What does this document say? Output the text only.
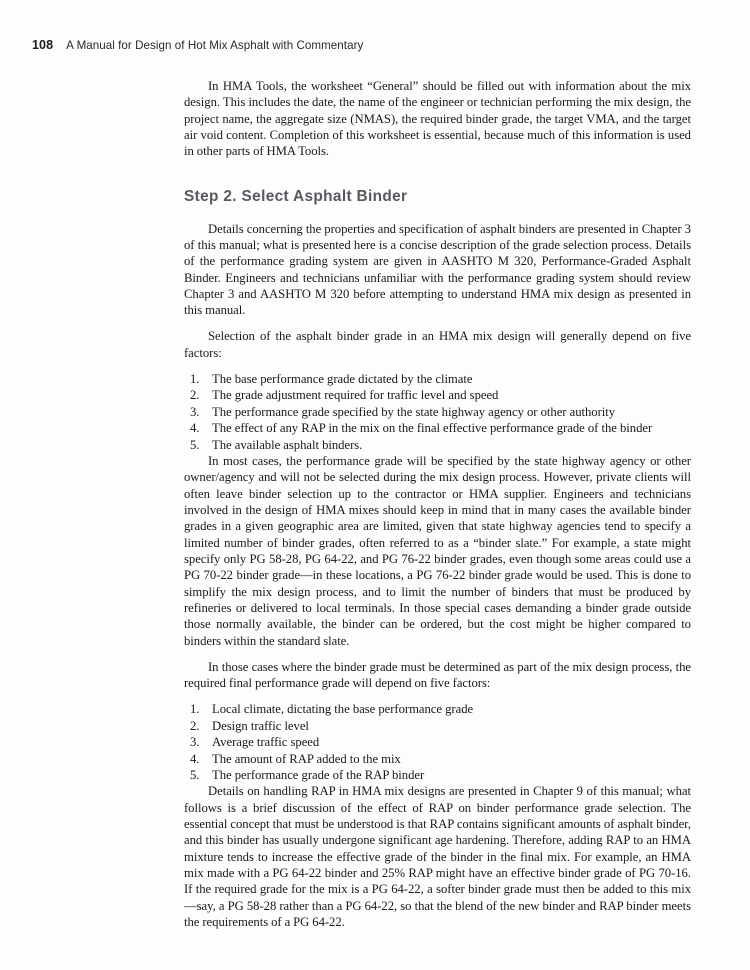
108 A Manual for Design of Hot Mix Asphalt with Commentary

In HMA Tools, the worksheet “General” should be filled out with information about the mix design. This includes the date, the name of the engineer or technician performing the mix design, the project name, the aggregate size (NMAS), the required binder grade, the target VMA, and the target air void content. Completion of this worksheet is essential, because much of this information is used in other parts of HMA Tools.

Step 2. Select Asphalt Binder

Details concerning the properties and specification of asphalt binders are presented in Chapter 3 of this manual; what is presented here is a concise description of the grade selection process. Details of the performance grading system are given in AASHTO M 320, Performance-Graded Asphalt Binder. Engineers and technicians unfamiliar with the performance grading system should review Chapter 3 and AASHTO M 320 before attempting to understand HMA mix design as presented in this manual.

Selection of the asphalt binder grade in an HMA mix design will generally depend on five factors:

1. The base performance grade dictated by the climate
2. The grade adjustment required for traffic level and speed
3. The performance grade specified by the state highway agency or other authority
4. The effect of any RAP in the mix on the final effective performance grade of the binder
5. The available asphalt binders.

In most cases, the performance grade will be specified by the state highway agency or other owner/agency and will not be selected during the mix design process. However, private clients will often leave binder selection up to the contractor or HMA supplier. Engineers and technicians involved in the design of HMA mixes should keep in mind that in many cases the available binder grades in a given geographic area are limited, given that state highway agencies tend to specify a limited number of binder grades, often referred to as a “binder slate.” For example, a state might specify only PG 58-28, PG 64-22, and PG 76-22 binder grades, even though some areas could use a PG 70-22 binder grade—in these locations, a PG 76-22 binder grade would be used. This is done to simplify the mix design process, and to limit the number of binders that must be produced by refineries or delivered to local terminals. In those special cases demanding a binder grade outside those normally available, the binder can be ordered, but the cost might be higher compared to binders within the standard slate.

In those cases where the binder grade must be determined as part of the mix design process, the required final performance grade will depend on five factors:

1. Local climate, dictating the base performance grade
2. Design traffic level
3. Average traffic speed
4. The amount of RAP added to the mix
5. The performance grade of the RAP binder

Details on handling RAP in HMA mix designs are presented in Chapter 9 of this manual; what follows is a brief discussion of the effect of RAP on binder performance grade selection. The essential concept that must be understood is that RAP contains significant amounts of asphalt binder, and this binder has usually undergone significant age hardening. Therefore, adding RAP to an HMA mixture tends to increase the effective grade of the binder in the final mix. For example, an HMA mix made with a PG 64-22 binder and 25% RAP might have an effective binder grade of PG 70-16. If the required grade for the mix is a PG 64-22, a softer binder grade must then be added to this mix—say, a PG 58-28 rather than a PG 64-22, so that the blend of the new binder and RAP binder meets the requirements of a PG 64-22.
